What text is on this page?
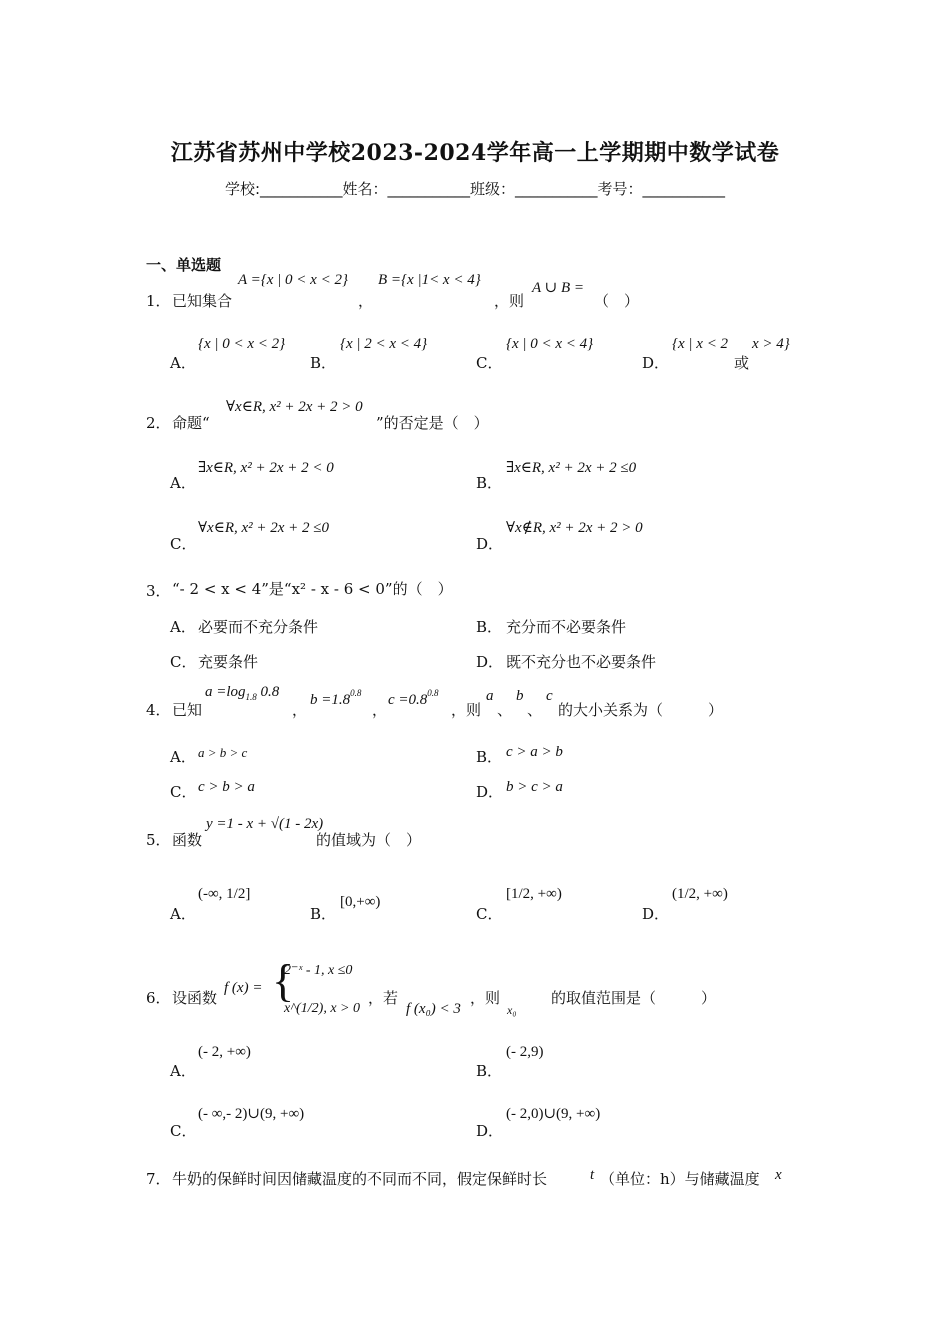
江苏省苏州中学校2023-2024学年高一上学期期中数学试卷
学校:___________姓名：___________班级：___________考号：___________
一、单选题
1． 已知集合
A ={x | 0 < x < 2}
，
B ={x |1< x < 4}
，则
A ∪ B =
（　）
A．
{x | 0 < x < 2}
B．
{x | 2 < x < 4}
C．
{x | 0 < x < 4}
D．
{x | x < 2
或
x > 4}
2． 命题“
∀x∈R, x² + 2x + 2 > 0
”的否定是（　）
A．
∃x∈R, x² + 2x + 2 < 0
B．
∃x∈R, x² + 2x + 2 ≤0
C．
∀x∈R, x² + 2x + 2 ≤0
D．
∀x∉R, x² + 2x + 2 > 0
3． “- 2 < x < 4”是“x² - x - 6 < 0”的（　）
A． 必要而不充分条件	B． 充分而不必要条件
C． 充要条件	D． 既不充分也不必要条件
4． 已知
$a =\log_{1.8}$ 0.8
，
$b =1.8^{0.8}$
，
$c =0.8^{0.8}$
，则
a
、
b
、
c
的大小关系为（　　　）
A． a > b > c	B． c > a > b
C． c > b > a	D． b > c > a
5． 函数
y =1 - x + √(1 - 2x)
的值域为（　）
A．
(-∞, 1/2]
B．
[0,+∞)
C．
[1/2, +∞)
D．
(1/2, +∞)
6． 设函数
f (x) = {
2⁻ˣ - 1, x ≤0
x^(1/2), x > 0
，若
f (x₀) < 3
，则
x₀
的取值范围是（　　　）
A．
(- 2, +∞)
B．
(- 2,9)
C．
(- ∞,- 2)∪(9, +∞)
D．
(- 2,0)∪(9, +∞)
7． 牛奶的保鲜时间因储藏温度的不同而不同，假定保鲜时长	t （单位：h）与储藏温度 x
